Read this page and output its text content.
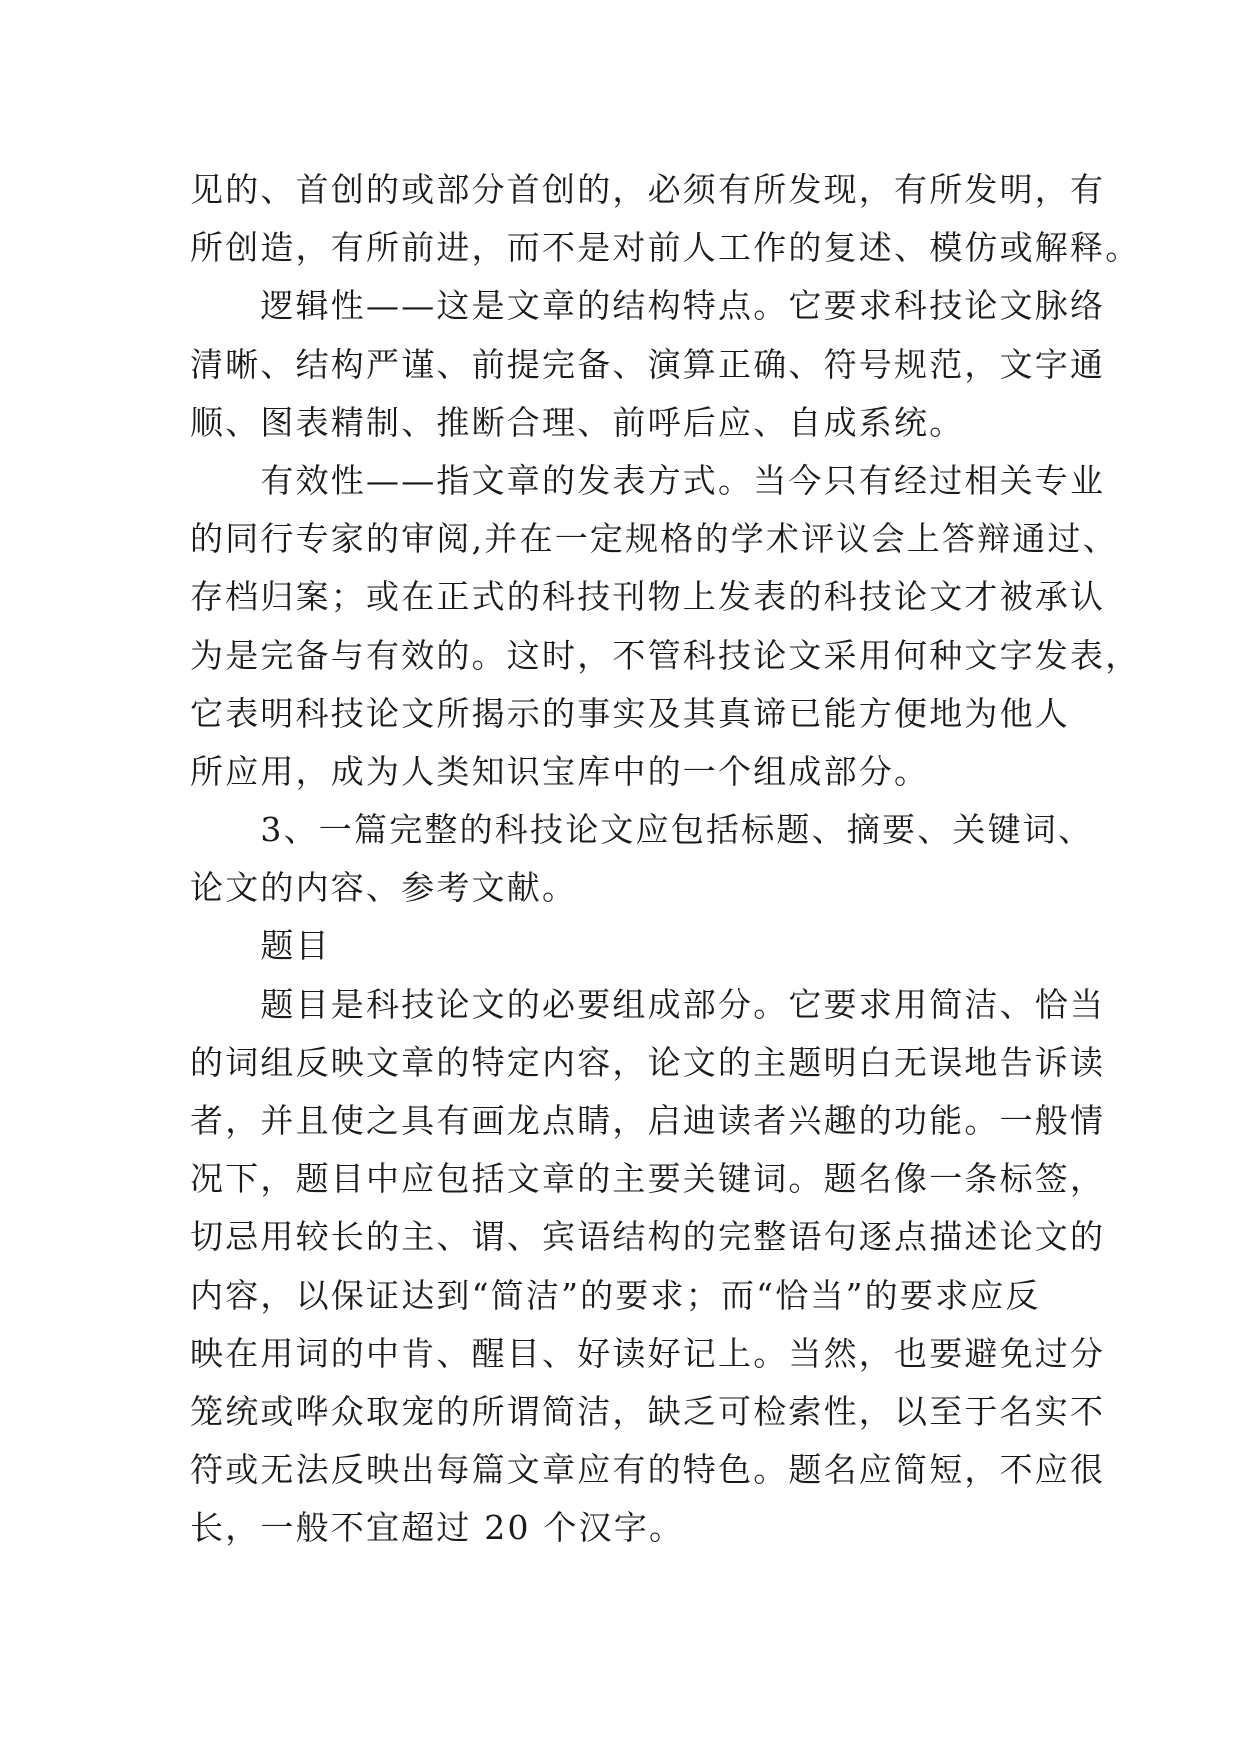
见的、首创的或部分首创的，必须有所发现，有所发明，有
所创造，有所前进，而不是对前人工作的复述、模仿或解释。
　　逻辑性——这是文章的结构特点。它要求科技论文脉络
清晰、结构严谨、前提完备、演算正确、符号规范，文字通
顺、图表精制、推断合理、前呼后应、自成系统。
　　有效性——指文章的发表方式。当今只有经过相关专业
的同行专家的审阅,并在一定规格的学术评议会上答辩通过、
存档归案；或在正式的科技刊物上发表的科技论文才被承认
为是完备与有效的。这时，不管科技论文采用何种文字发表，
它表明科技论文所揭示的事实及其真谛已能方便地为他人
所应用，成为人类知识宝库中的一个组成部分。
　　3、一篇完整的科技论文应包括标题、摘要、关键词、
论文的内容、参考文献。
　　题目
　　题目是科技论文的必要组成部分。它要求用简洁、恰当
的词组反映文章的特定内容，论文的主题明白无误地告诉读
者，并且使之具有画龙点睛，启迪读者兴趣的功能。一般情
况下，题目中应包括文章的主要关键词。题名像一条标签，
切忌用较长的主、谓、宾语结构的完整语句逐点描述论文的
内容，以保证达到“简洁”的要求；而“恰当”的要求应反
映在用词的中肯、醒目、好读好记上。当然，也要避免过分
笼统或哗众取宠的所谓简洁，缺乏可检索性，以至于名实不
符或无法反映出每篇文章应有的特色。题名应简短，不应很
长，一般不宜超过 20 个汉字。
